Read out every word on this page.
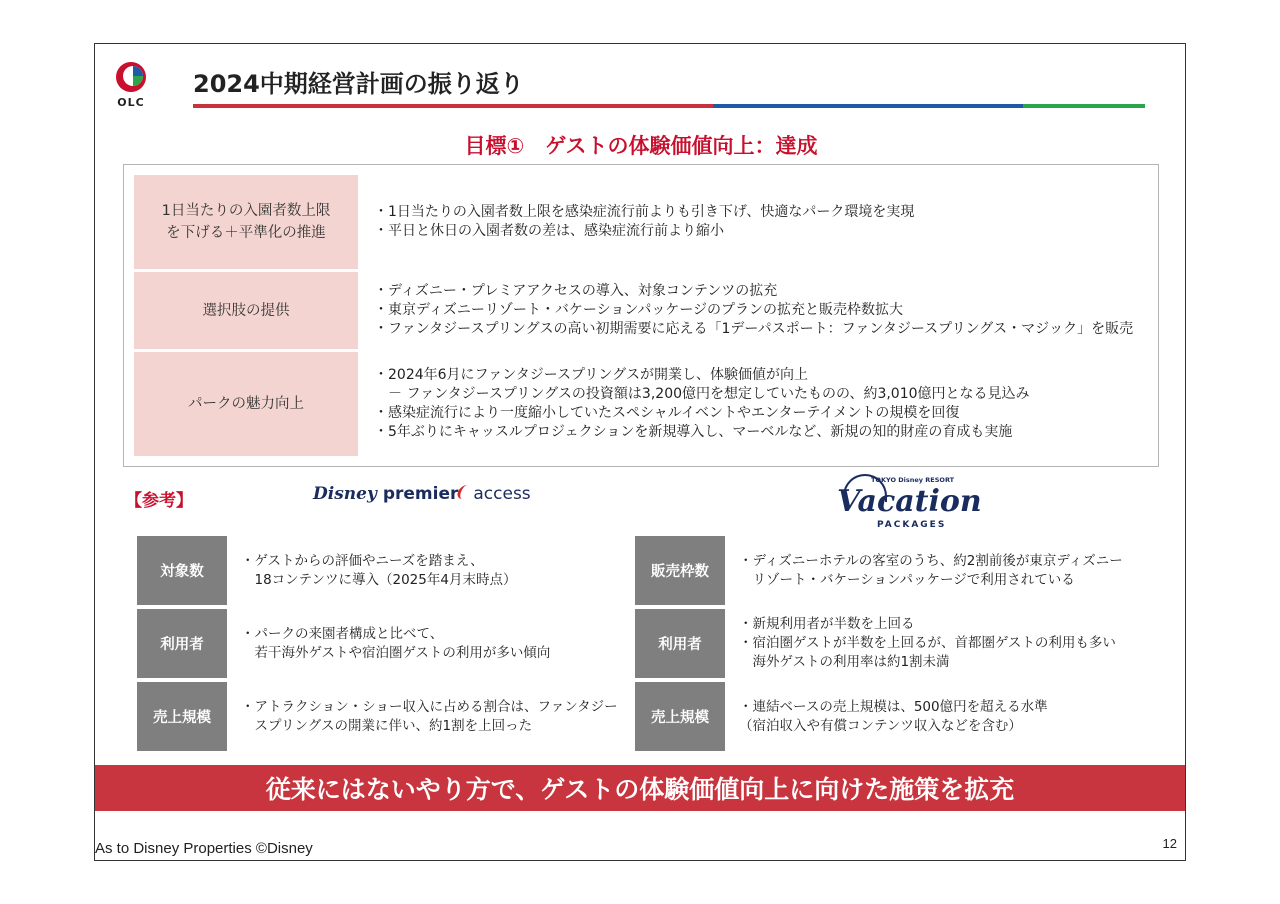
OLC
2024中期経営計画の振り返り
目標①　ゲストの体験価値向上：達成
1日当たりの入園者数上限
を下げる＋平準化の推進
・1日当たりの入園者数上限を感染症流行前よりも引き下げ、快適なパーク環境を実現
・平日と休日の入園者数の差は、感染症流行前より縮小
選択肢の提供
・ディズニー・プレミアアクセスの導入、対象コンテンツの拡充
・東京ディズニーリゾート・バケーションパッケージのプランの拡充と販売枠数拡大
・ファンタジースプリングスの高い初期需要に応える「1デーパスポート：ファンタジースプリングス・マジック」を販売
パークの魅力向上
・2024年6月にファンタジースプリングスが開業し、体験価値が向上
　－ ファンタジースプリングスの投資額は3,200億円を想定していたものの、約3,010億円となる見込み
・感染症流行により一度縮小していたスペシャルイベントやエンターテイメントの規模を回復
・5年ぶりにキャッスルプロジェクションを新規導入し、マーベルなど、新規の知的財産の育成も実施
【参考】	Disney premier access
TOKYO Disney RESORT
Vacation
PACKAGES
対象数
・ゲストからの評価やニーズを踏まえ、
　18コンテンツに導入（2025年4月末時点）
利用者
・パークの来園者構成と比べて、
　若干海外ゲストや宿泊圏ゲストの利用が多い傾向
売上規模
・アトラクション・ショー収入に占める割合は、ファンタジー
　スプリングスの開業に伴い、約1割を上回った
販売枠数
・ディズニーホテルの客室のうち、約2割前後が東京ディズニー
　リゾート・バケーションパッケージで利用されている
利用者
・新規利用者が半数を上回る
・宿泊圏ゲストが半数を上回るが、首都圏ゲストの利用も多い
　海外ゲストの利用率は約1割未満
売上規模
・連結ベースの売上規模は、500億円を超える水準
（宿泊収入や有償コンテンツ収入などを含む）
従来にはないやり方で、ゲストの体験価値向上に向けた施策を拡充
As to Disney Properties ©Disney	12
